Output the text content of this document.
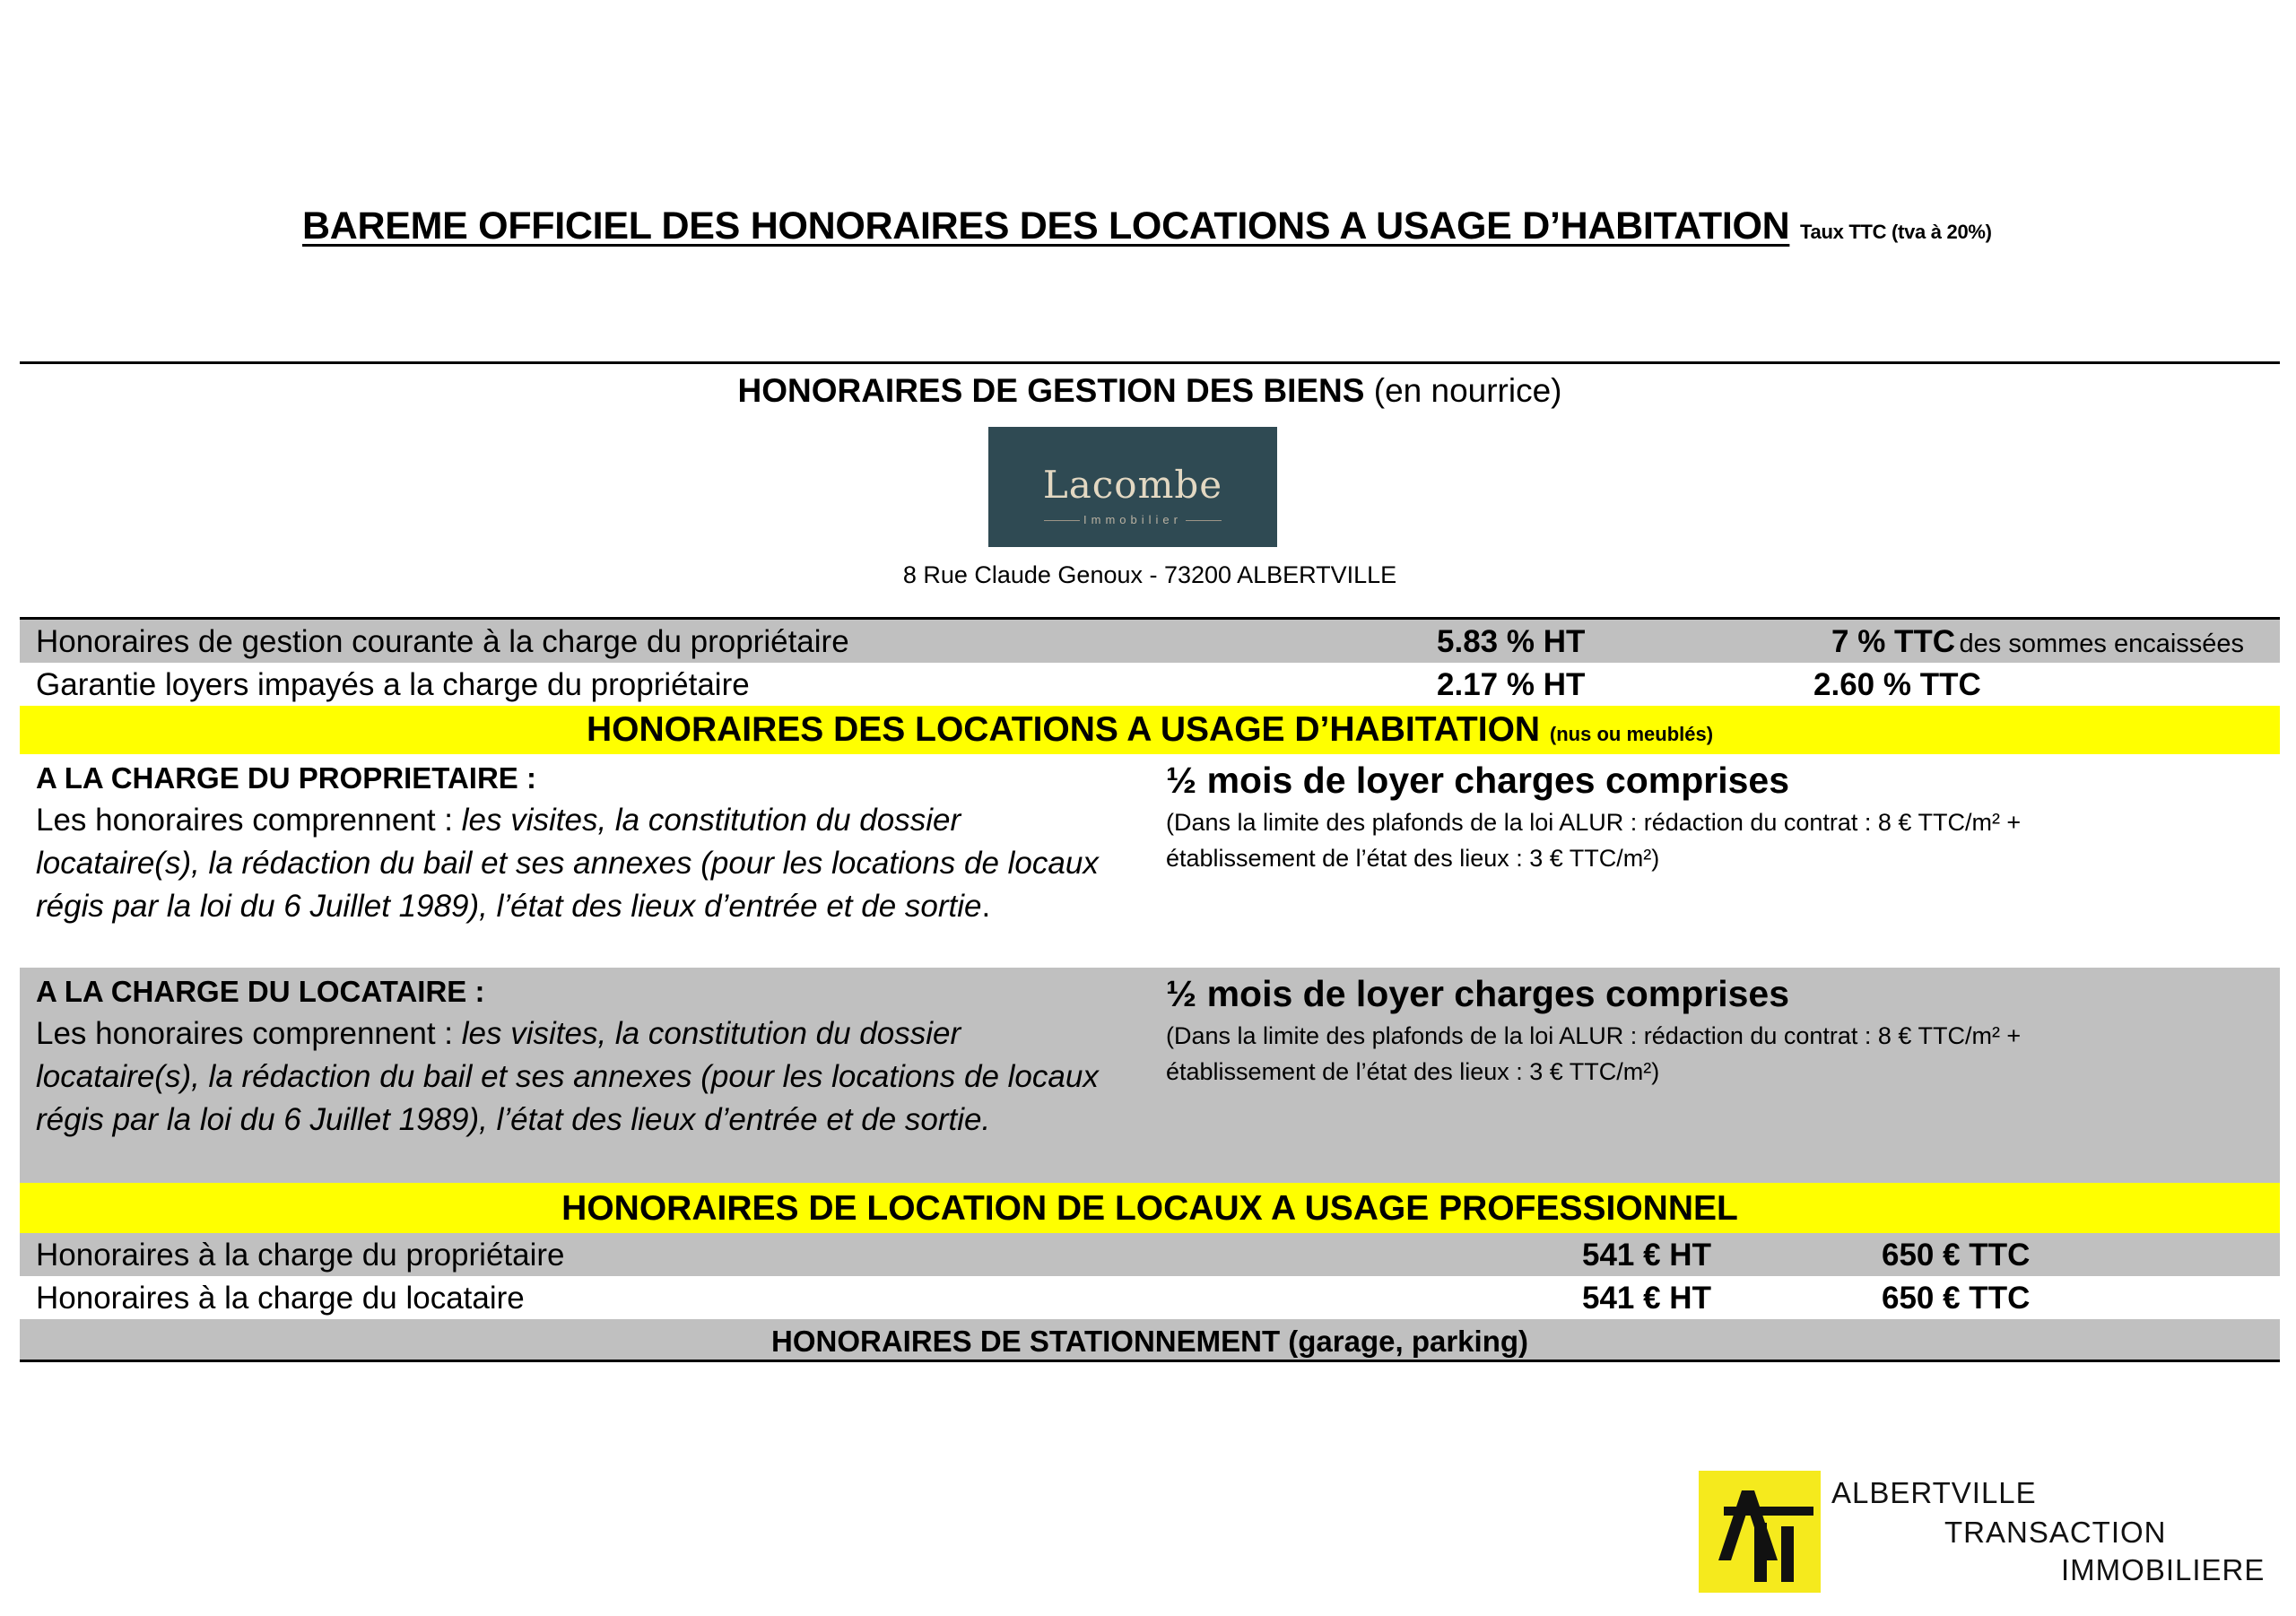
BAREME OFFICIEL DES HONORAIRES DES LOCATIONS A USAGE D’HABITATION Taux TTC (tva à 20%)
HONORAIRES DE GESTION DES BIENS (en nourrice)
Lacombe
Immobilier
8 Rue Claude Genoux - 73200 ALBERTVILLE
Honoraires de gestion courante à la charge du propriétaire	5.83 % HT	7 % TTC des sommes encaissées
Garantie loyers impayés a la charge du propriétaire	2.17 % HT	2.60 % TTC
HONORAIRES DES LOCATIONS A USAGE D’HABITATION (nus ou meublés)
A LA CHARGE DU PROPRIETAIRE :
Les honoraires comprennent : les visites, la constitution du dossier
locataire(s), la rédaction du bail et ses annexes (pour les locations de locaux
régis par la loi du 6 Juillet 1989), l’état des lieux d’entrée et de sortie.
½ mois de loyer charges comprises
(Dans la limite des plafonds de la loi ALUR : rédaction du contrat : 8 € TTC/m² +
établissement de l’état des lieux : 3 € TTC/m²)
A LA CHARGE DU LOCATAIRE :
Les honoraires comprennent : les visites, la constitution du dossier
locataire(s), la rédaction du bail et ses annexes (pour les locations de locaux
régis par la loi du 6 Juillet 1989), l’état des lieux d’entrée et de sortie.
½ mois de loyer charges comprises
(Dans la limite des plafonds de la loi ALUR : rédaction du contrat : 8 € TTC/m² +
établissement de l’état des lieux : 3 € TTC/m²)
HONORAIRES DE LOCATION DE LOCAUX A USAGE PROFESSIONNEL
Honoraires à la charge du propriétaire	541 € HT	650 € TTC
Honoraires à la charge du locataire	541 € HT	650 € TTC
HONORAIRES DE STATIONNEMENT (garage, parking)
ALBERTVILLE
TRANSACTION
IMMOBILIERE
